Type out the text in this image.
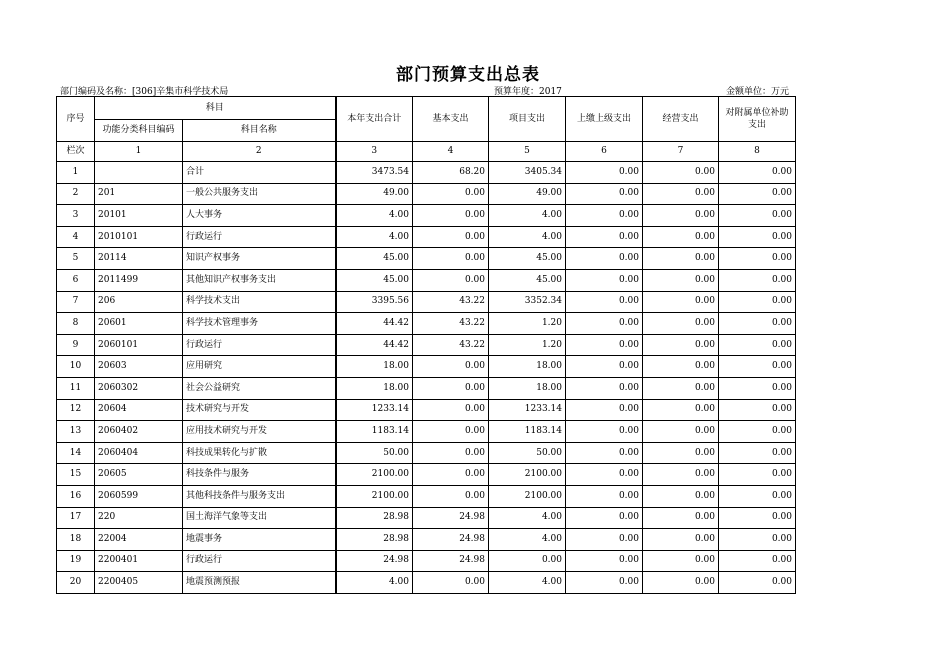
部门预算支出总表
部门编码及名称：[306]辛集市科学技术局	预算年度：2017	金额单位：万元
序号	科目		本年支出合计	基本支出	项目支出	上缴上级支出	经营支出	对附属单位补助支出
	功能分类科目编码	科目名称						
栏次	1	2	3	4	5	6	7	8
1		合计	3473.54	68.20	3405.34	0.00	0.00	0.00
2	201	一般公共服务支出	49.00	0.00	49.00	0.00	0.00	0.00
3	20101	人大事务	4.00	0.00	4.00	0.00	0.00	0.00
4	2010101	行政运行	4.00	0.00	4.00	0.00	0.00	0.00
5	20114	知识产权事务	45.00	0.00	45.00	0.00	0.00	0.00
6	2011499	其他知识产权事务支出	45.00	0.00	45.00	0.00	0.00	0.00
7	206	科学技术支出	3395.56	43.22	3352.34	0.00	0.00	0.00
8	20601	科学技术管理事务	44.42	43.22	1.20	0.00	0.00	0.00
9	2060101	行政运行	44.42	43.22	1.20	0.00	0.00	0.00
10	20603	应用研究	18.00	0.00	18.00	0.00	0.00	0.00
11	2060302	社会公益研究	18.00	0.00	18.00	0.00	0.00	0.00
12	20604	技术研究与开发	1233.14	0.00	1233.14	0.00	0.00	0.00
13	2060402	应用技术研究与开发	1183.14	0.00	1183.14	0.00	0.00	0.00
14	2060404	科技成果转化与扩散	50.00	0.00	50.00	0.00	0.00	0.00
15	20605	科技条件与服务	2100.00	0.00	2100.00	0.00	0.00	0.00
16	2060599	其他科技条件与服务支出	2100.00	0.00	2100.00	0.00	0.00	0.00
17	220	国土海洋气象等支出	28.98	24.98	4.00	0.00	0.00	0.00
18	22004	地震事务	28.98	24.98	4.00	0.00	0.00	0.00
19	2200401	行政运行	24.98	24.98	0.00	0.00	0.00	0.00
20	2200405	地震预测预报	4.00	0.00	4.00	0.00	0.00	0.00
